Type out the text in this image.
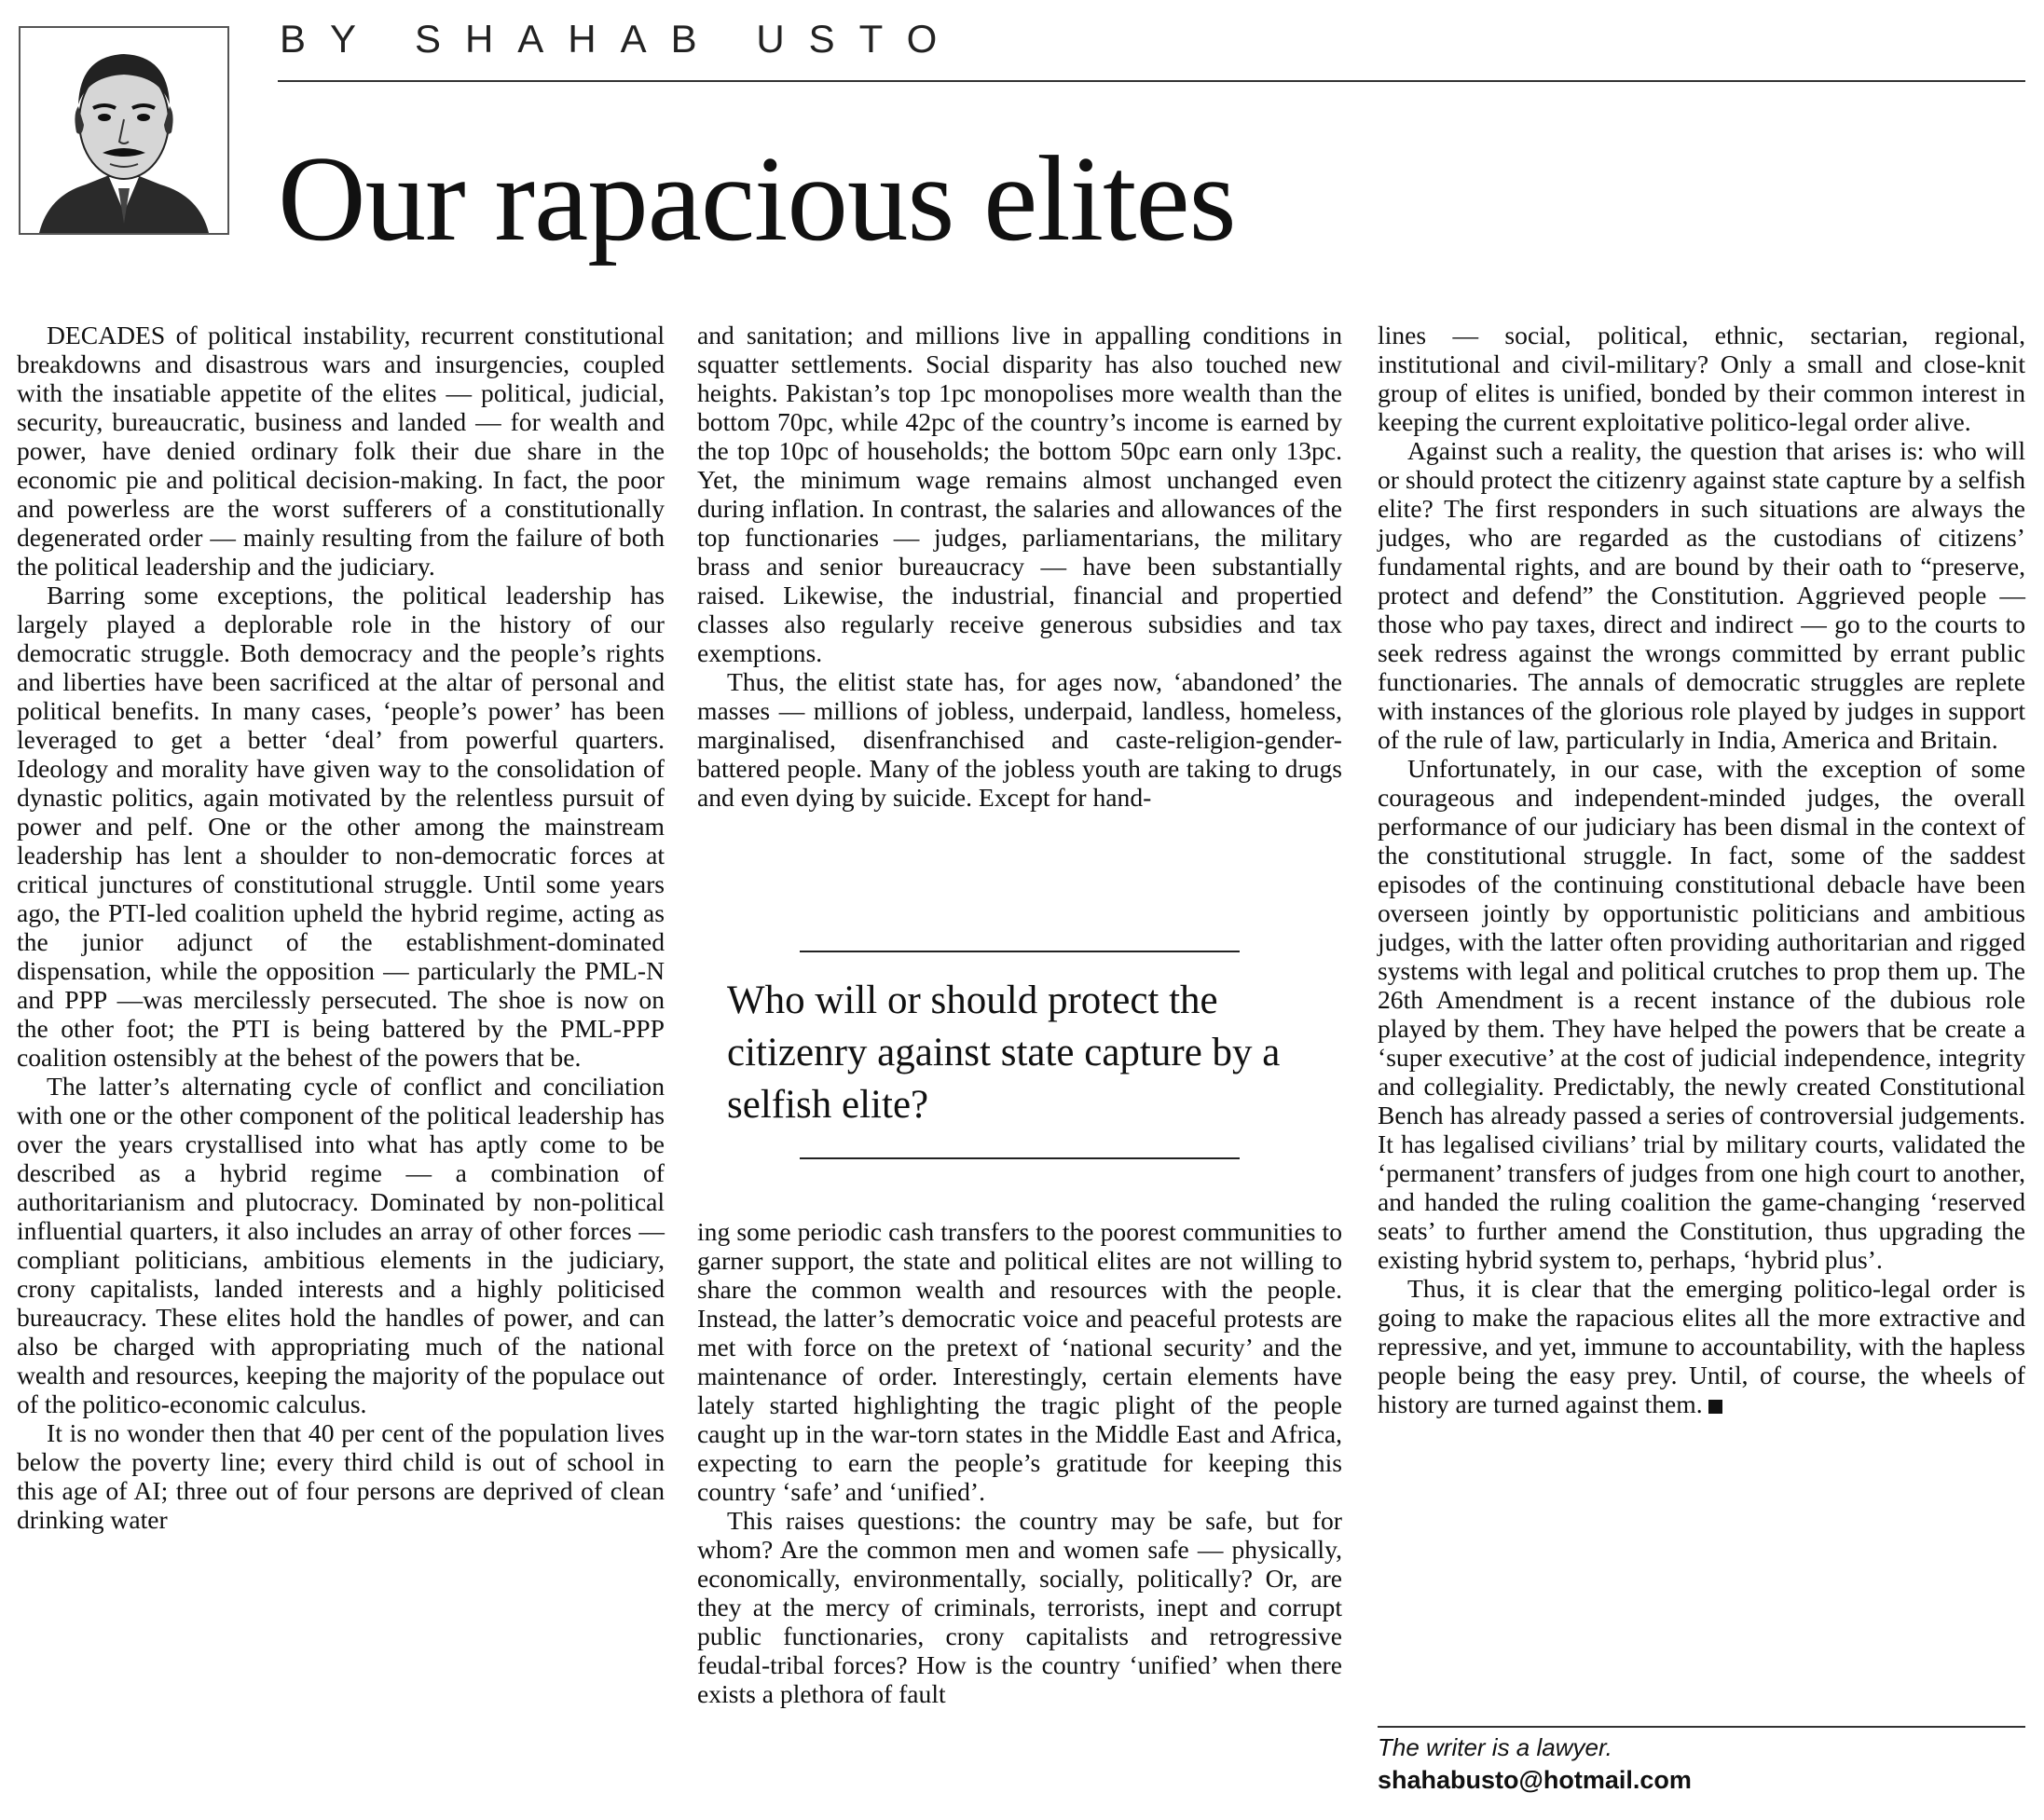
BY SHAHAB USTO
Our rapacious elites

DECADES of political instability, recurrent constitutional breakdowns and disastrous wars and insurgencies, coupled with the insatiable appetite of the elites — political, judicial, security, bureaucratic, business and landed — for wealth and power, have denied ordinary folk their due share in the economic pie and political decision-making. In fact, the poor and powerless are the worst sufferers of a constitutionally degenerated order — mainly resulting from the failure of both the political leadership and the judiciary.

Barring some exceptions, the political leadership has largely played a deplorable role in the history of our democratic struggle. Both democracy and the people’s rights and liberties have been sacrificed at the altar of personal and political benefits. In many cases, ‘people’s power’ has been leveraged to get a better ‘deal’ from powerful quarters. Ideology and morality have given way to the consolidation of dynastic politics, again motivated by the relentless pursuit of power and pelf. One or the other among the mainstream leadership has lent a shoulder to non-democratic forces at critical junctures of constitutional struggle. Until some years ago, the PTI-led coalition upheld the hybrid regime, acting as the junior adjunct of the establishment-dominated dispensation, while the opposition — particularly the PML-N and PPP —was mercilessly persecuted. The shoe is now on the other foot; the PTI is being battered by the PML-PPP coalition ostensibly at the behest of the powers that be.

The latter’s alternating cycle of conflict and conciliation with one or the other component of the political leadership has over the years crystallised into what has aptly come to be described as a hybrid regime — a combination of authoritarianism and plutocracy. Dominated by non-political influential quarters, it also includes an array of other forces — compliant politicians, ambitious elements in the judiciary, crony capitalists, landed interests and a highly politicised bureaucracy. These elites hold the handles of power, and can also be charged with appropriating much of the national wealth and resources, keeping the majority of the populace out of the politico-economic calculus.

It is no wonder then that 40 per cent of the population lives below the poverty line; every third child is out of school in this age of AI; three out of four persons are deprived of clean drinking water

and sanitation; and millions live in appalling conditions in squatter settlements. Social disparity has also touched new heights. Pakistan’s top 1pc monopolises more wealth than the bottom 70pc, while 42pc of the country’s income is earned by the top 10pc of households; the bottom 50pc earn only 13pc. Yet, the minimum wage remains almost unchanged even during inflation. In contrast, the salaries and allowances of the top functionaries — judges, parliamentarians, the military brass and senior bureaucracy — have been substantially raised. Likewise, the industrial, financial and propertied classes also regularly receive generous subsidies and tax exemptions.

Thus, the elitist state has, for ages now, ‘abandoned’ the masses — millions of jobless, underpaid, landless, homeless, marginalised, disenfranchised and caste-religion-gender-battered people. Many of the jobless youth are taking to drugs and even dying by suicide. Except for hand-

Who will or should protect the citizenry against state capture by a selfish elite?

ing some periodic cash transfers to the poorest communities to garner support, the state and political elites are not willing to share the common wealth and resources with the people. Instead, the latter’s democratic voice and peaceful protests are met with force on the pretext of ‘national security’ and the maintenance of order. Interestingly, certain elements have lately started highlighting the tragic plight of the people caught up in the war-torn states in the Middle East and Africa, expecting to earn the people’s gratitude for keeping this country ‘safe’ and ‘unified’.

This raises questions: the country may be safe, but for whom? Are the common men and women safe — physically, economically, environmentally, socially, politically? Or, are they at the mercy of criminals, terrorists, inept and corrupt public functionaries, crony capitalists and retrogressive feudal-tribal forces? How is the country ‘unified’ when there exists a plethora of fault

lines — social, political, ethnic, sectarian, regional, institutional and civil-military? Only a small and close-knit group of elites is unified, bonded by their common interest in keeping the current exploitative politico-legal order alive.

Against such a reality, the question that arises is: who will or should protect the citizenry against state capture by a selfish elite? The first responders in such situations are always the judges, who are regarded as the custodians of citizens’ fundamental rights, and are bound by their oath to “preserve, protect and defend” the Constitution. Aggrieved people — those who pay taxes, direct and indirect — go to the courts to seek redress against the wrongs committed by errant public functionaries. The annals of democratic struggles are replete with instances of the glorious role played by judges in support of the rule of law, particularly in India, America and Britain.

Unfortunately, in our case, with the exception of some courageous and independent-minded judges, the overall performance of our judiciary has been dismal in the context of the constitutional struggle. In fact, some of the saddest episodes of the continuing constitutional debacle have been overseen jointly by opportunistic politicians and ambitious judges, with the latter often providing authoritarian and rigged systems with legal and political crutches to prop them up. The 26th Amendment is a recent instance of the dubious role played by them. They have helped the powers that be create a ‘super executive’ at the cost of judicial independence, integrity and collegiality. Predictably, the newly created Constitutional Bench has already passed a series of controversial judgements. It has legalised civilians’ trial by military courts, validated the ‘permanent’ transfers of judges from one high court to another, and handed the ruling coalition the game-changing ‘reserved seats’ to further amend the Constitution, thus upgrading the existing hybrid system to, perhaps, ‘hybrid plus’.

Thus, it is clear that the emerging politico-legal order is going to make the rapacious elites all the more extractive and repressive, and yet, immune to accountability, with the hapless people being the easy prey. Until, of course, the wheels of history are turned against them.

The writer is a lawyer.
shahabusto@hotmail.com
